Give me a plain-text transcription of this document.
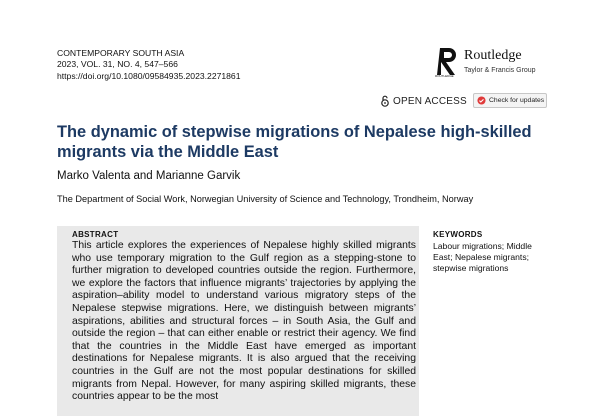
CONTEMPORARY SOUTH ASIA
2023, VOL. 31, NO. 4, 547–566
https://doi.org/10.1080/09584935.2023.2271861	ROUTLEDGE
Routledge
Taylor & Francis Group
OPEN ACCESS	Check for updates
The dynamic of stepwise migrations of Nepalese high-skilled migrants via the Middle East
Marko Valenta and Marianne Garvik
The Department of Social Work, Norwegian University of Science and Technology, Trondheim, Norway
ABSTRACT
This article explores the experiences of Nepalese highly skilled migrants who use temporary migration to the Gulf region as a stepping-stone to further migration to developed countries outside the region. Furthermore, we explore the factors that influence migrants’ trajectories by applying the aspiration–ability model to understand various migratory steps of the Nepalese stepwise migrations. Here, we distinguish between migrants’ aspirations, abilities and structural forces – in South Asia, the Gulf and outside the region – that can either enable or restrict their agency. We find that the countries in the Middle East have emerged as important destinations for Nepalese migrants. It is also argued that the receiving countries in the Gulf are not the most popular destinations for skilled migrants from Nepal. However, for many aspiring skilled migrants, these countries appear to be the most
KEYWORDS
Labour migrations; Middle East; Nepalese migrants; stepwise migrations
